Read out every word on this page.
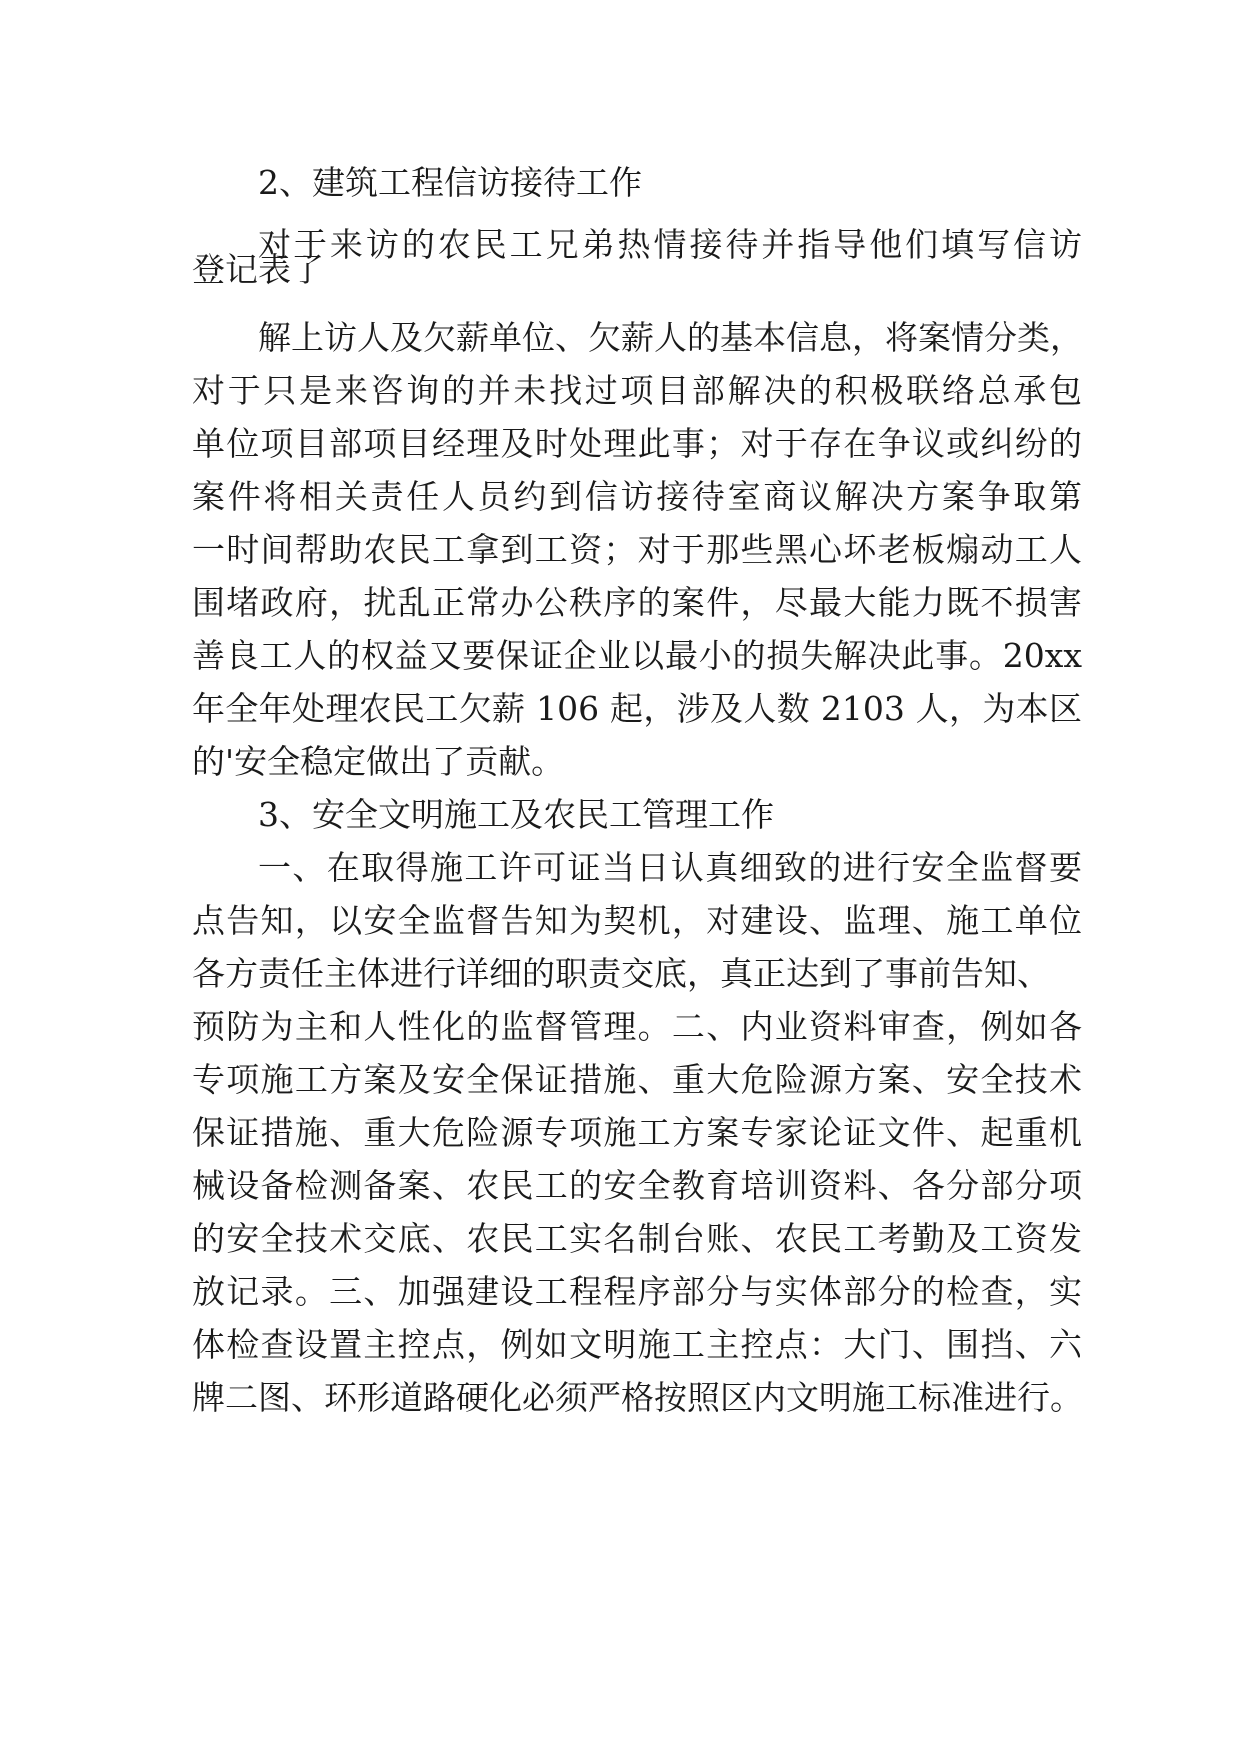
2、建筑工程信访接待工作
对于来访的农民工兄弟热情接待并指导他们填写信访
登记表了
解上访人及欠薪单位、欠薪人的基本信息，将案情分类，
对于只是来咨询的并未找过项目部解决的积极联络总承包
单位项目部项目经理及时处理此事；对于存在争议或纠纷的
案件将相关责任人员约到信访接待室商议解决方案争取第
一时间帮助农民工拿到工资；对于那些黑心坏老板煽动工人
围堵政府，扰乱正常办公秩序的案件，尽最大能力既不损害
善良工人的权益又要保证企业以最小的损失解决此事。20xx
年全年处理农民工欠薪 106 起，涉及人数 2103 人，为本区
的'安全稳定做出了贡献。
3、安全文明施工及农民工管理工作
一、在取得施工许可证当日认真细致的进行安全监督要
点告知，以安全监督告知为契机，对建设、监理、施工单位
各方责任主体进行详细的职责交底，真正达到了事前告知、
预防为主和人性化的监督管理。二、内业资料审查，例如各
专项施工方案及安全保证措施、重大危险源方案、安全技术
保证措施、重大危险源专项施工方案专家论证文件、起重机
械设备检测备案、农民工的安全教育培训资料、各分部分项
的安全技术交底、农民工实名制台账、农民工考勤及工资发
放记录。三、加强建设工程程序部分与实体部分的检查，实
体检查设置主控点，例如文明施工主控点：大门、围挡、六
牌二图、环形道路硬化必须严格按照区内文明施工标准进行。
